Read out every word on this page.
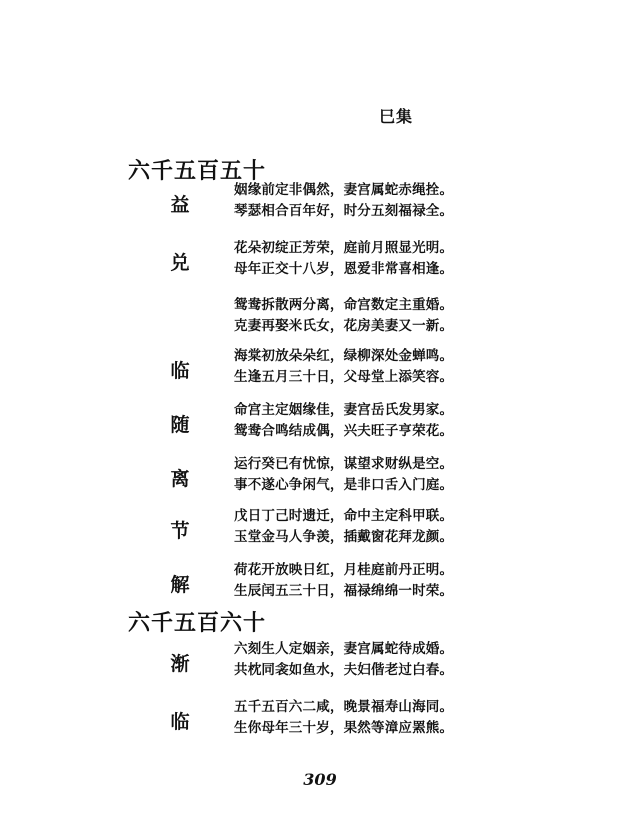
巳集
六千五百五十
益
姻缘前定非偶然，妻宫属蛇赤绳拴。
琴瑟相合百年好，时分五刻福禄全。
兑
花朵初绽正芳荣，庭前月照显光明。
母年正交十八岁，恩爱非常喜相逢。
鸳鸯拆散两分离，命宫数定主重婚。
克妻再娶米氏女，花房美妻又一新。
临
海棠初放朵朵红，绿柳深处金蝉鸣。
生逢五月三十日，父母堂上添笑容。
随
命宫主定姻缘佳，妻宫岳氏发男家。
鸳鸯合鸣结成偶，兴夫旺子亨荣花。
离
运行癸已有忧惊，谋望求财纵是空。
事不遂心争闲气，是非口舌入门庭。
节
戊日丁己时遗迁，命中主定科甲联。
玉堂金马人争羡，插戴窗花拜龙颜。
解
荷花开放映日红，月桂庭前丹正明。
生辰闰五三十日，福禄绵绵一时荣。
六千五百六十
渐
六刻生人定姻亲，妻宫属蛇待成婚。
共枕同衾如鱼水，夫妇偕老过白春。
临
五千五百六二咸，晚景福寿山海同。
生你母年三十岁，果然等漳应罴熊。
309
